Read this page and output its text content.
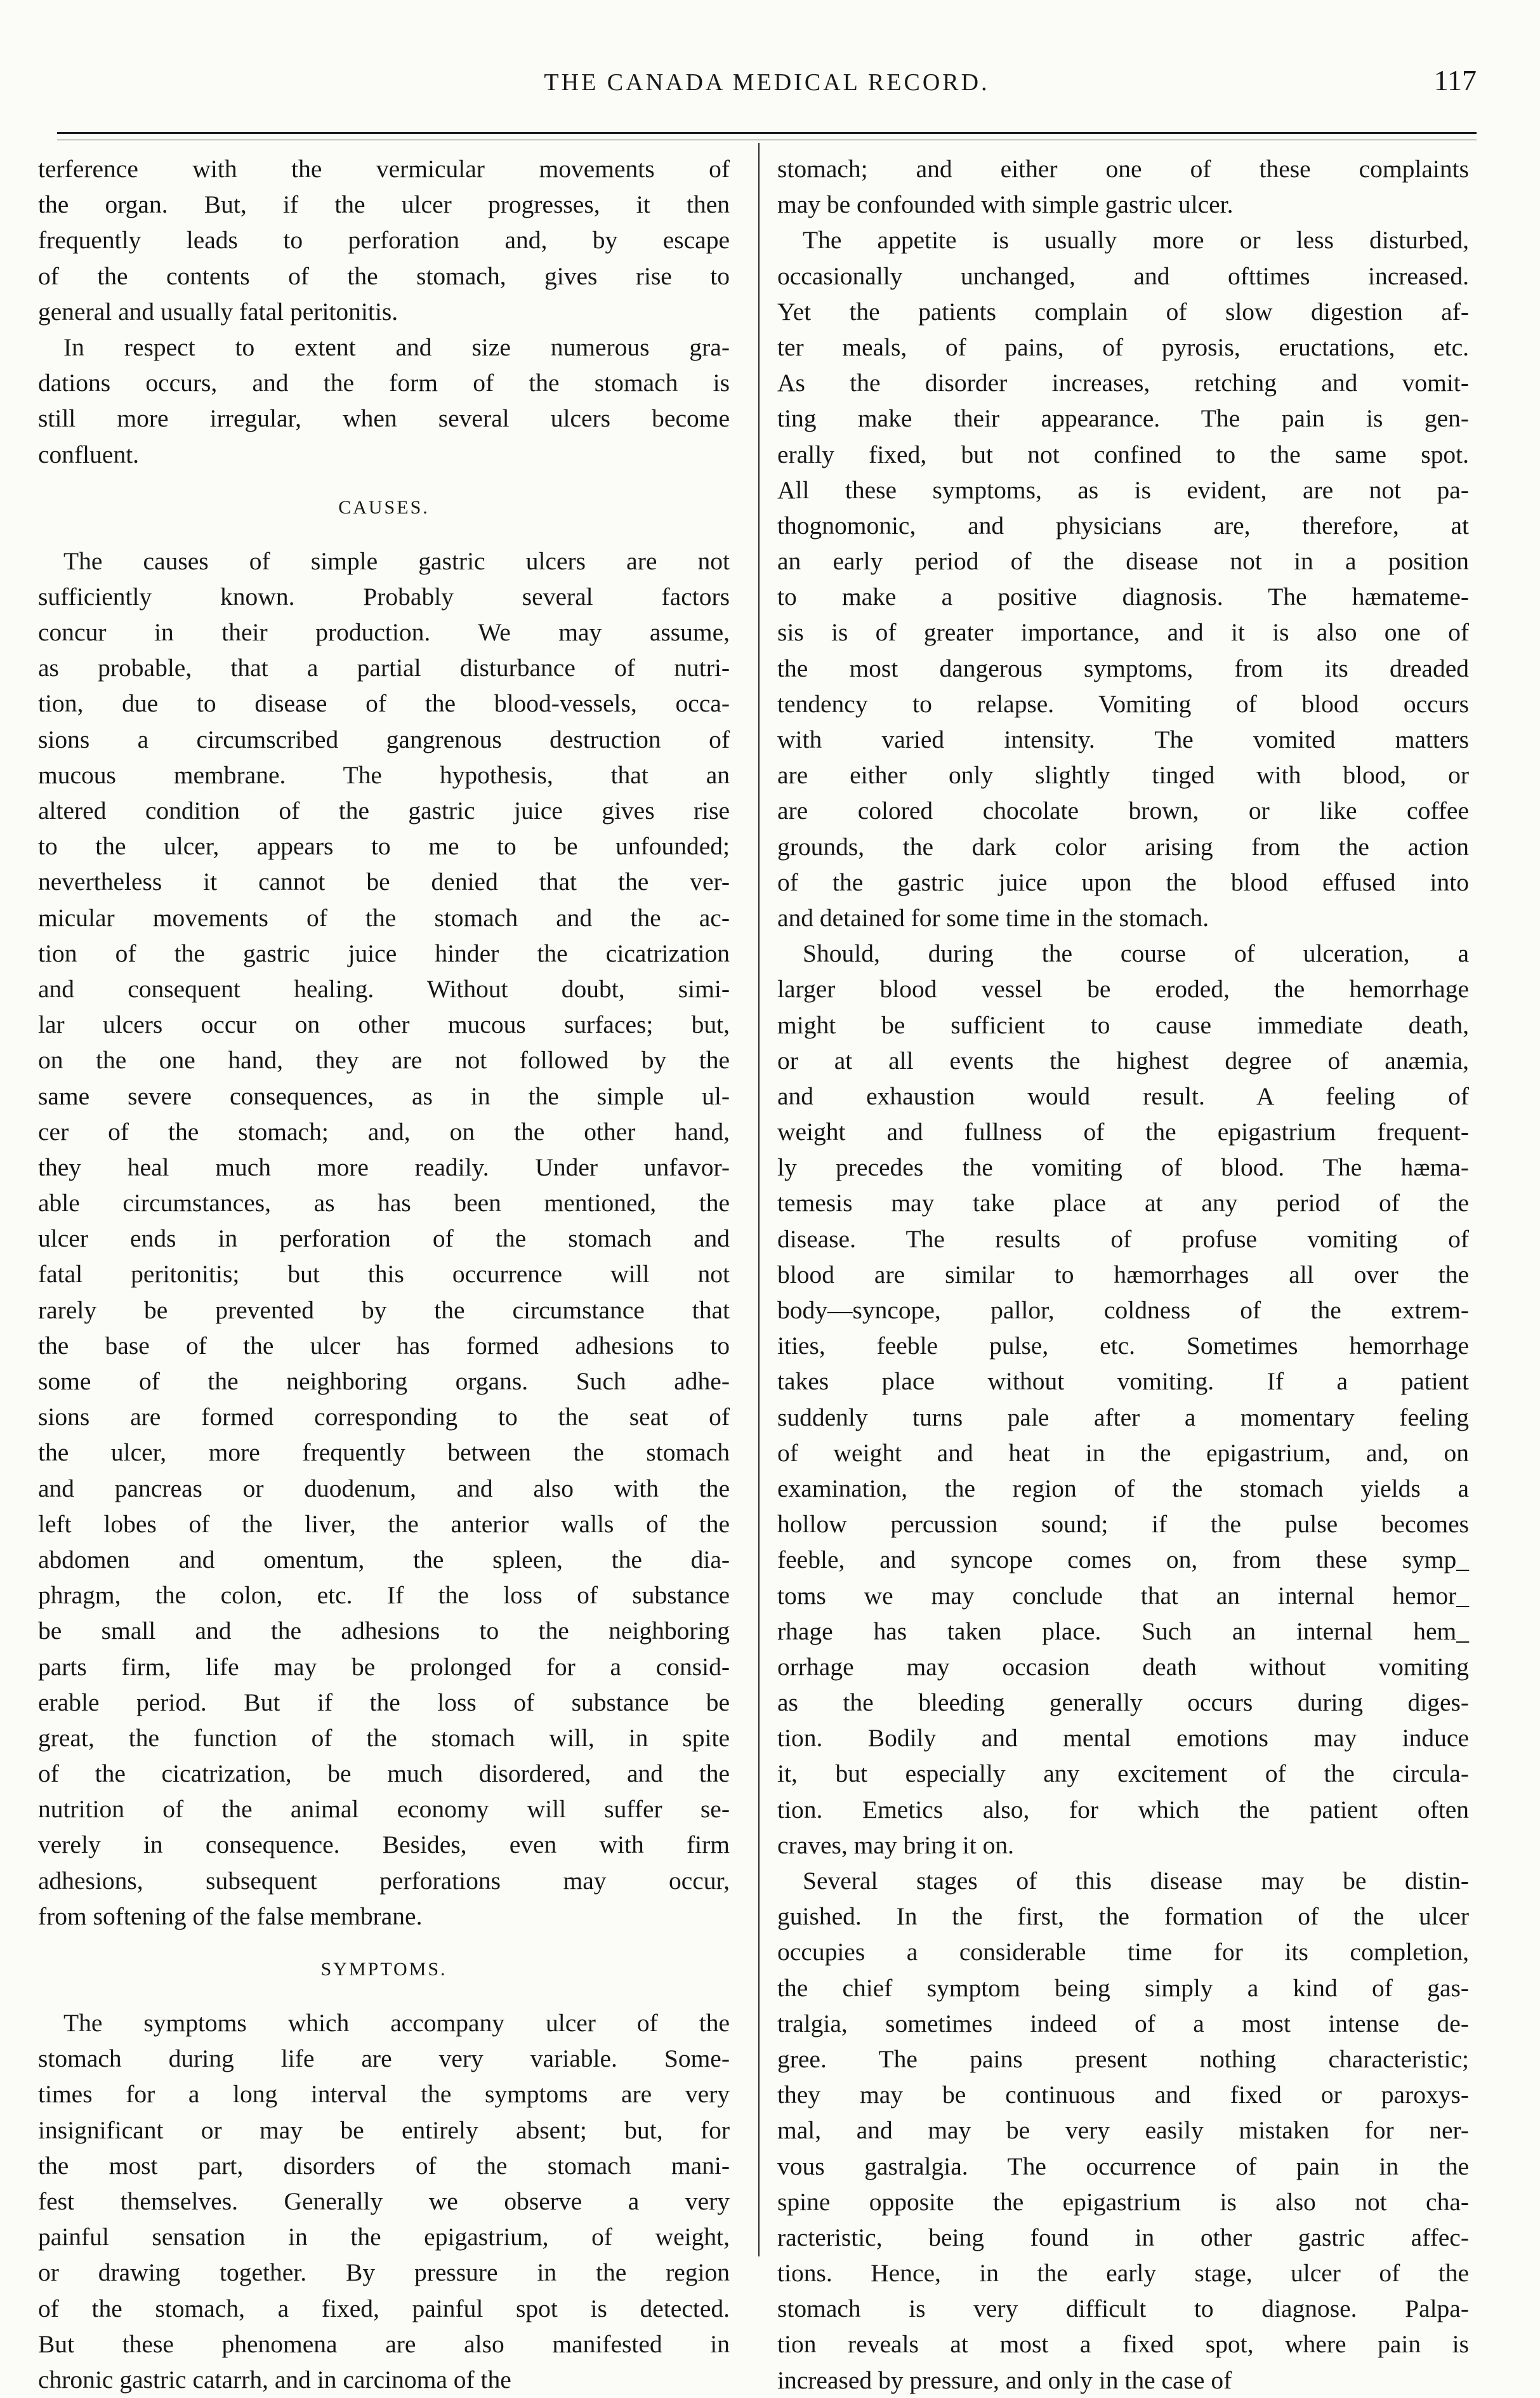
THE CANADA MEDICAL RECORD.	117

terference with the vermicular movements of
the organ. But, if the ulcer progresses, it then
frequently leads to perforation and, by escape
of the contents of the stomach, gives rise to
general and usually fatal peritonitis.

In respect to extent and size numerous gra-
dations occurs, and the form of the stomach is
still more irregular, when several ulcers become
confluent.

CAUSES.

The causes of simple gastric ulcers are not
sufficiently known. Probably several factors
concur in their production. We may assume,
as probable, that a partial disturbance of nutri-
tion, due to disease of the blood-vessels, occa-
sions a circumscribed gangrenous destruction of
mucous membrane. The hypothesis, that an
altered condition of the gastric juice gives rise
to the ulcer, appears to me to be unfounded;
nevertheless it cannot be denied that the ver-
micular movements of the stomach and the ac-
tion of the gastric juice hinder the cicatrization
and consequent healing. Without doubt, simi-
lar ulcers occur on other mucous surfaces; but,
on the one hand, they are not followed by the
same severe consequences, as in the simple ul-
cer of the stomach; and, on the other hand,
they heal much more readily. Under unfavor-
able circumstances, as has been mentioned, the
ulcer ends in perforation of the stomach and
fatal peritonitis; but this occurrence will not
rarely be prevented by the circumstance that
the base of the ulcer has formed adhesions to
some of the neighboring organs. Such adhe-
sions are formed corresponding to the seat of
the ulcer, more frequently between the stomach
and pancreas or duodenum, and also with the
left lobes of the liver, the anterior walls of the
abdomen and omentum, the spleen, the dia-
phragm, the colon, etc. If the loss of substance
be small and the adhesions to the neighboring
parts firm, life may be prolonged for a consid-
erable period. But if the loss of substance be
great, the function of the stomach will, in spite
of the cicatrization, be much disordered, and the
nutrition of the animal economy will suffer se-
verely in consequence. Besides, even with firm
adhesions, subsequent perforations may occur,
from softening of the false membrane.

SYMPTOMS.

The symptoms which accompany ulcer of the
stomach during life are very variable. Some-
times for a long interval the symptoms are very
insignificant or may be entirely absent; but, for
the most part, disorders of the stomach mani-
fest themselves. Generally we observe a very
painful sensation in the epigastrium, of weight,
or drawing together. By pressure in the region
of the stomach, a fixed, painful spot is detected.
But these phenomena are also manifested in
chronic gastric catarrh, and in carcinoma of the

stomach; and either one of these complaints
may be confounded with simple gastric ulcer.

The appetite is usually more or less disturbed,
occasionally unchanged, and ofttimes increased.
Yet the patients complain of slow digestion af-
ter meals, of pains, of pyrosis, eructations, etc.
As the disorder increases, retching and vomit-
ting make their appearance. The pain is gen-
erally fixed, but not confined to the same spot.
All these symptoms, as is evident, are not pa-
thognomonic, and physicians are, therefore, at
an early period of the disease not in a position
to make a positive diagnosis. The hæmateme-
sis is of greater importance, and it is also one of
the most dangerous symptoms, from its dreaded
tendency to relapse. Vomiting of blood occurs
with varied intensity. The vomited matters
are either only slightly tinged with blood, or
are colored chocolate brown, or like coffee
grounds, the dark color arising from the action
of the gastric juice upon the blood effused into
and detained for some time in the stomach.

Should, during the course of ulceration, a
larger blood vessel be eroded, the hemorrhage
might be sufficient to cause immediate death,
or at all events the highest degree of anæmia,
and exhaustion would result. A feeling of
weight and fullness of the epigastrium frequent-
ly precedes the vomiting of blood. The hæma-
temesis may take place at any period of the
disease. The results of profuse vomiting of
blood are similar to hæmorrhages all over the
body—syncope, pallor, coldness of the extrem-
ities, feeble pulse, etc. Sometimes hemorrhage
takes place without vomiting. If a patient
suddenly turns pale after a momentary feeling
of weight and heat in the epigastrium, and, on
examination, the region of the stomach yields a
hollow percussion sound; if the pulse becomes
feeble, and syncope comes on, from these symp_
toms we may conclude that an internal hemor_
rhage has taken place. Such an internal hem_
orrhage may occasion death without vomiting
as the bleeding generally occurs during diges-
tion. Bodily and mental emotions may induce
it, but especially any excitement of the circula-
tion. Emetics also, for which the patient often
craves, may bring it on.

Several stages of this disease may be distin-
guished. In the first, the formation of the ulcer
occupies a considerable time for its completion,
the chief symptom being simply a kind of gas-
tralgia, sometimes indeed of a most intense de-
gree. The pains present nothing characteristic;
they may be continuous and fixed or paroxys-
mal, and may be very easily mistaken for ner-
vous gastralgia. The occurrence of pain in the
spine opposite the epigastrium is also not cha-
racteristic, being found in other gastric affec-
tions. Hence, in the early stage, ulcer of the
stomach is very difficult to diagnose. Palpa-
tion reveals at most a fixed spot, where pain is
increased by pressure, and only in the case of
